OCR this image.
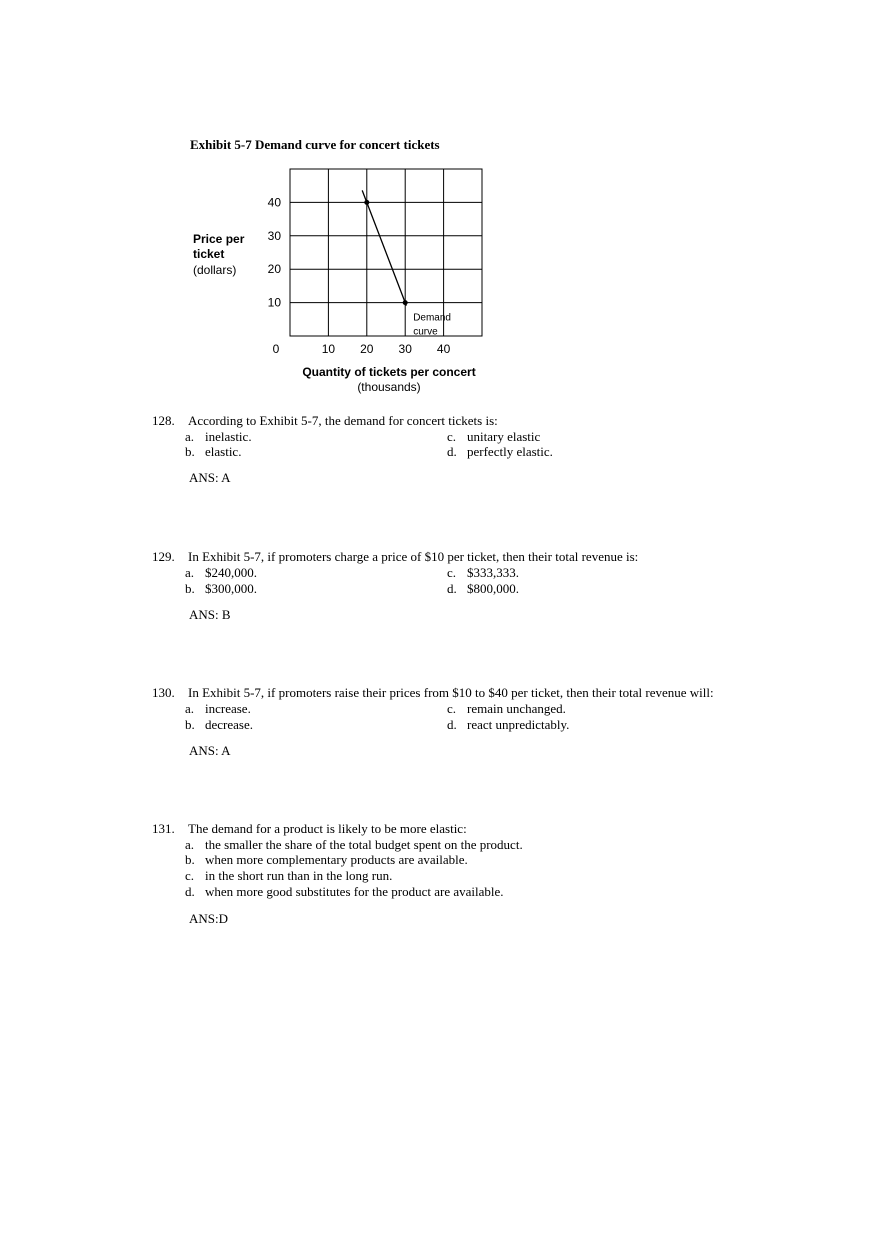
Exhibit 5-7 Demand curve for concert tickets
Price per
ticket
(dollars)
Quantity of tickets per concert
(thousands)
10 20 30 40
10
20
30
40
0
Demand
curve
128. According to Exhibit 5-7, the demand for concert tickets is:
a. inelastic.
b. elastic.
c. unitary elastic
d. perfectly elastic.
ANS: A
129. In Exhibit 5-7, if promoters charge a price of $10 per ticket, then their total revenue is:
a. $240,000.
b. $300,000.
c. $333,333.
d. $800,000.
ANS: B
130. In Exhibit 5-7, if promoters raise their prices from $10 to $40 per ticket, then their total revenue will:
a. increase.
b. decrease.
c. remain unchanged.
d. react unpredictably.
ANS: A
131. The demand for a product is likely to be more elastic:
a. the smaller the share of the total budget spent on the product.
b. when more complementary products are available.
c. in the short run than in the long run.
d. when more good substitutes for the product are available.
ANS:D
